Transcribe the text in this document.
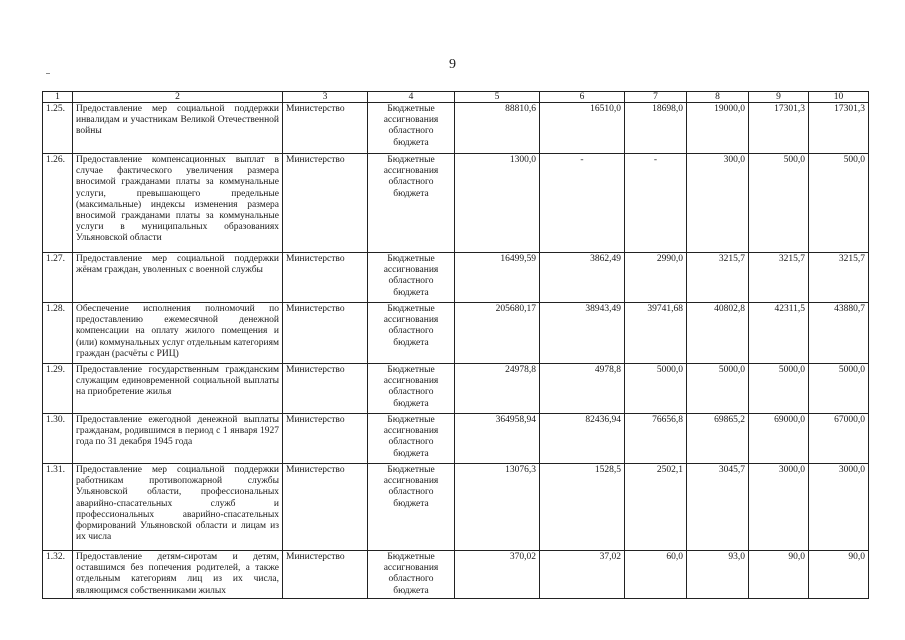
9
1	2	3	4	5	6	7	8	9	10
1.25.	Предоставление мер социальной поддержки инвалидам и участникам Великой Отечественной войны	Министерство	Бюджетные ассигнования областного бюджета	88810,6	16510,0	18698,0	19000,0	17301,3	17301,3
1.26.	Предоставление компенсационных выплат в случае фактического увеличения размера вносимой гражданами платы за коммунальные услуги, превышающего предельные (максимальные) индексы изменения размера вносимой гражданами платы за коммунальные услуги в муниципальных образованиях Ульяновской области	Министерство	Бюджетные ассигнования областного бюджета	1300,0	-	-	300,0	500,0	500,0
1.27.	Предоставление мер социальной поддержки жёнам граждан, уволенных с военной службы	Министерство	Бюджетные ассигнования областного бюджета	16499,59	3862,49	2990,0	3215,7	3215,7	3215,7
1.28.	Обеспечение исполнения полномочий по предоставлению ежемесячной денежной компенсации на оплату жилого помещения и (или) коммунальных услуг отдельным категориям граждан (расчёты с РИЦ)	Министерство	Бюджетные ассигнования областного бюджета	205680,17	38943,49	39741,68	40802,8	42311,5	43880,7
1.29.	Предоставление государственным гражданским служащим единовременной социальной выплаты на приобретение жилья	Министерство	Бюджетные ассигнования областного бюджета	24978,8	4978,8	5000,0	5000,0	5000,0	5000,0
1.30.	Предоставление ежегодной денежной выплаты гражданам, родившимся в период с 1 января 1927 года по 31 декабря 1945 года	Министерство	Бюджетные ассигнования областного бюджета	364958,94	82436,94	76656,8	69865,2	69000,0	67000,0
1.31.	Предоставление мер социальной поддержки работникам противопожарной службы Ульяновской области, профессиональных аварийно-спасательных служб и профессиональных аварийно-спасательных формирований Ульяновской области и лицам из их числа	Министерство	Бюджетные ассигнования областного бюджета	13076,3	1528,5	2502,1	3045,7	3000,0	3000,0
1.32.	Предоставление детям-сиротам и детям, оставшимся без попечения родителей, а также отдельным категориям лиц из их числа, являющимся собственниками жилых	Министерство	Бюджетные ассигнования областного бюджета	370,02	37,02	60,0	93,0	90,0	90,0
